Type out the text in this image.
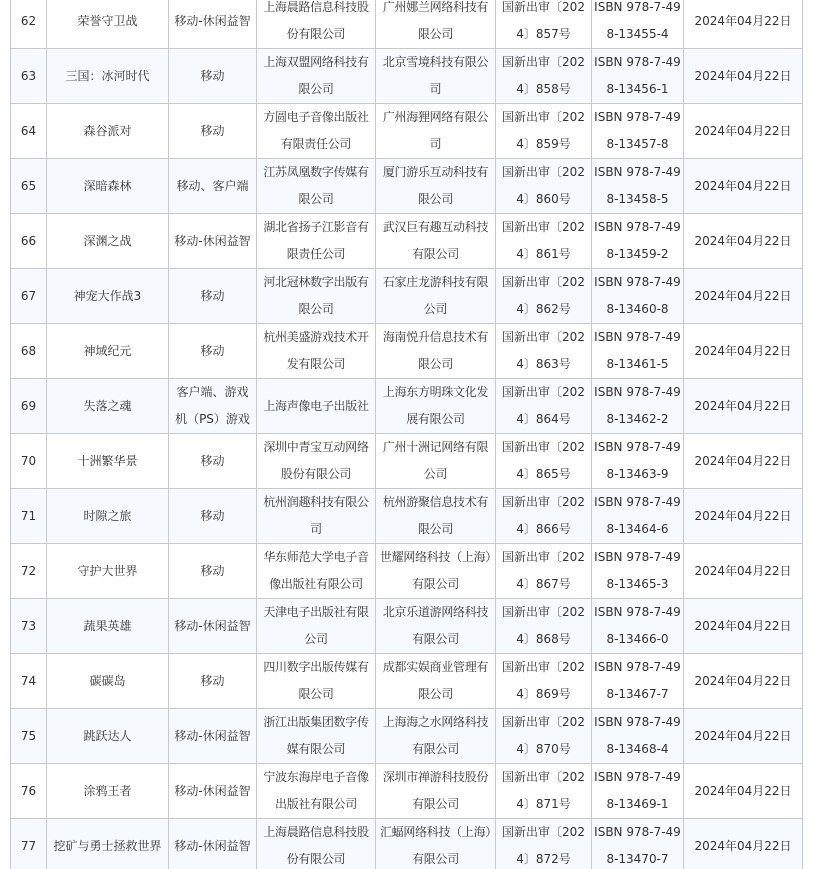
62	荣誉守卫战	移动-休闲益智	上海晨路信息科技股份有限公司	广州娜兰网络科技有限公司	国新出审〔2024〕857号	ISBN 978-7-498-13455-4	2024年04月22日
63	三国：冰河时代	移动	上海双盟网络科技有限公司	北京雪境科技有限公司	国新出审〔2024〕858号	ISBN 978-7-498-13456-1	2024年04月22日
64	森谷派对	移动	方圆电子音像出版社有限责任公司	广州海狸网络有限公司	国新出审〔2024〕859号	ISBN 978-7-498-13457-8	2024年04月22日
65	深暗森林	移动、客户端	江苏凤凰数字传媒有限公司	厦门游乐互动科技有限公司	国新出审〔2024〕860号	ISBN 978-7-498-13458-5	2024年04月22日
66	深渊之战	移动-休闲益智	湖北省扬子江影音有限责任公司	武汉巨有趣互动科技有限公司	国新出审〔2024〕861号	ISBN 978-7-498-13459-2	2024年04月22日
67	神宠大作战3	移动	河北冠林数字出版有限公司	石家庄龙游科技有限公司	国新出审〔2024〕862号	ISBN 978-7-498-13460-8	2024年04月22日
68	神域纪元	移动	杭州美盛游戏技术开发有限公司	海南悦升信息技术有限公司	国新出审〔2024〕863号	ISBN 978-7-498-13461-5	2024年04月22日
69	失落之魂	客户端、游戏机（PS）游戏	上海声像电子出版社	上海东方明珠文化发展有限公司	国新出审〔2024〕864号	ISBN 978-7-498-13462-2	2024年04月22日
70	十洲繁华景	移动	深圳中青宝互动网络股份有限公司	广州十洲记网络有限公司	国新出审〔2024〕865号	ISBN 978-7-498-13463-9	2024年04月22日
71	时隙之旅	移动	杭州润趣科技有限公司	杭州游聚信息技术有限公司	国新出审〔2024〕866号	ISBN 978-7-498-13464-6	2024年04月22日
72	守护大世界	移动	华东师范大学电子音像出版社有限公司	世耀网络科技（上海）有限公司	国新出审〔2024〕867号	ISBN 978-7-498-13465-3	2024年04月22日
73	蔬果英雄	移动-休闲益智	天津电子出版社有限公司	北京乐道游网络科技有限公司	国新出审〔2024〕868号	ISBN 978-7-498-13466-0	2024年04月22日
74	碳碳岛	移动	四川数字出版传媒有限公司	成都实娱商业管理有限公司	国新出审〔2024〕869号	ISBN 978-7-498-13467-7	2024年04月22日
75	跳跃达人	移动-休闲益智	浙江出版集团数字传媒有限公司	上海海之水网络科技有限公司	国新出审〔2024〕870号	ISBN 978-7-498-13468-4	2024年04月22日
76	涂鸦王者	移动-休闲益智	宁波东海岸电子音像出版社有限公司	深圳市禅游科技股份有限公司	国新出审〔2024〕871号	ISBN 978-7-498-13469-1	2024年04月22日
77	挖矿与勇士拯救世界	移动-休闲益智	上海晨路信息科技股份有限公司	汇蝠网络科技（上海）有限公司	国新出审〔2024〕872号	ISBN 978-7-498-13470-7	2024年04月22日
